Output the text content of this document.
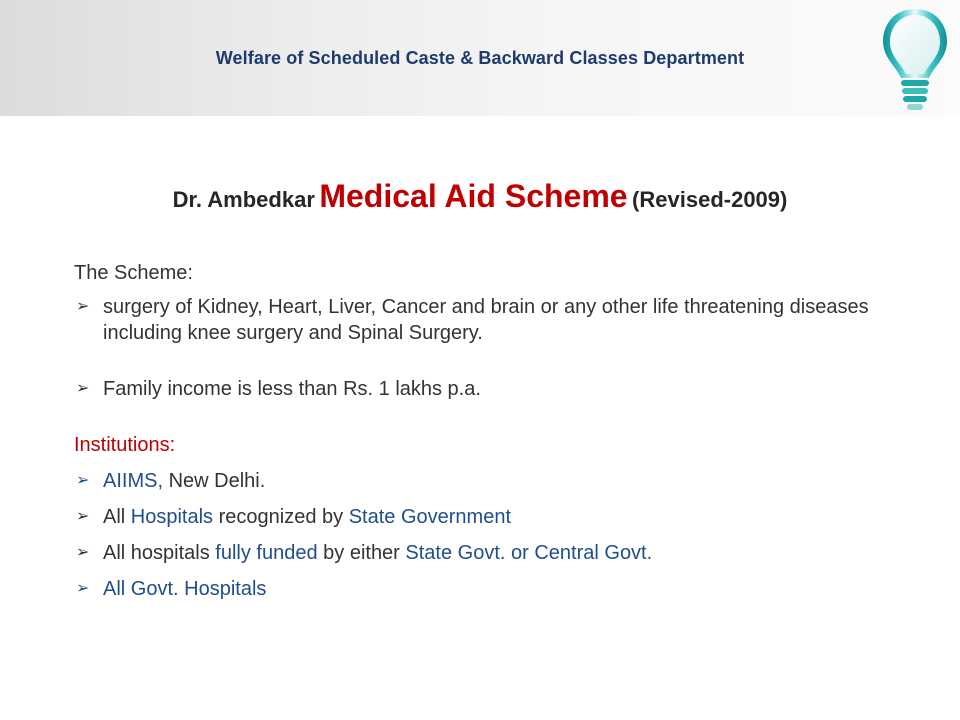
Welfare of Scheduled Caste & Backward Classes Department
Dr. Ambedkar Medical Aid Scheme (Revised-2009)

The Scheme:

➢ surgery of Kidney, Heart, Liver, Cancer and brain or any other life threatening diseases including knee surgery and Spinal Surgery.

➢ Family income is less than Rs. 1 lakhs p.a.

Institutions:

➢ AIIMS, New Delhi.

➢ All Hospitals recognized by State Government

➢ All hospitals fully funded by either State Govt. or Central Govt.

➢ All Govt. Hospitals
